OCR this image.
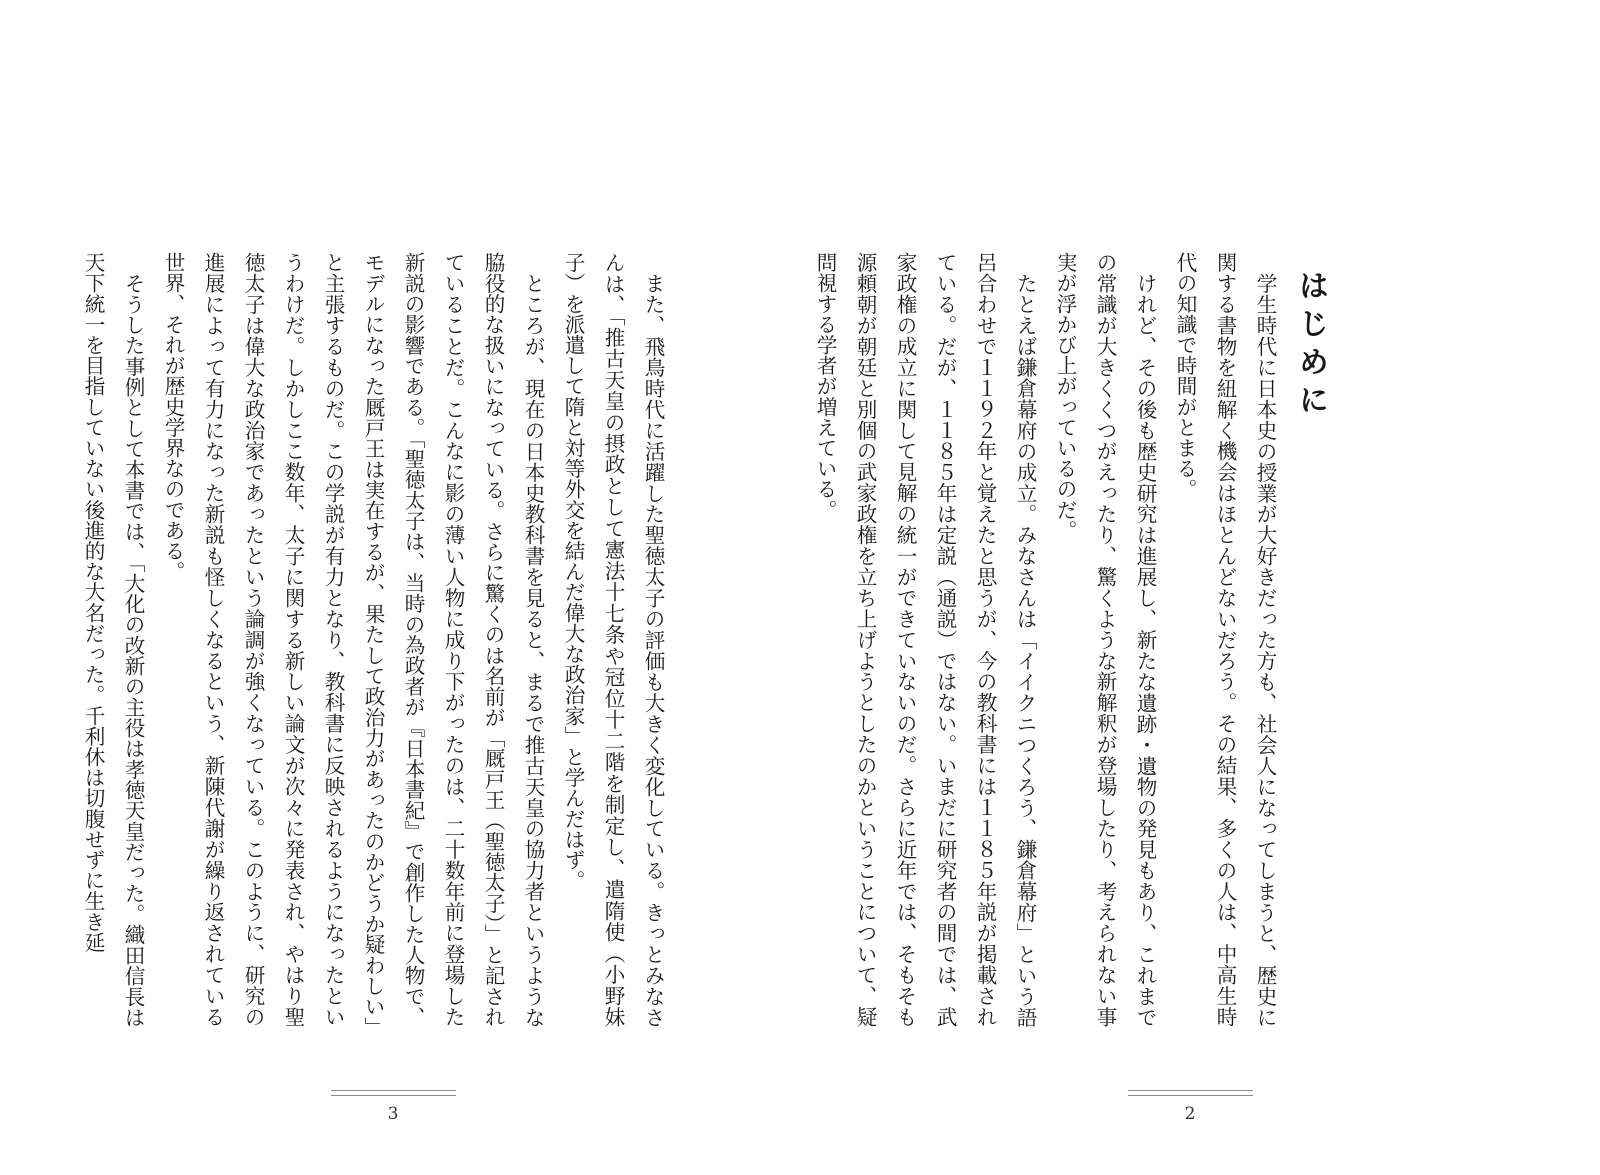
また、飛鳥時代に活躍した聖徳太子の評価も大きく変化している。きっとみなさんは、「推古天皇の摂政として憲法十七条や冠位十二階を制定し、遣隋使（小野妹子）を派遣して隋と対等外交を結んだ偉大な政治家」と学んだはず。

ところが、現在の日本史教科書を見ると、まるで推古天皇の協力者というような脇役的な扱いになっている。さらに驚くのは名前が「厩戸王（聖徳太子）」と記されていることだ。こんなに影の薄い人物に成り下がったのは、二十数年前に登場した新説の影響である。「聖徳太子は、当時の為政者が『日本書紀』で創作した人物で、モデルになった厩戸王は実在するが、果たして政治力があったのかどうか疑わしい」と主張するものだ。この学説が有力となり、教科書に反映されるようになったというわけだ。しかしここ数年、太子に関する新しい論文が次々に発表され、やはり聖徳太子は偉大な政治家であったという論調が強くなっている。このように、研究の進展によって有力になった新説も怪しくなるという、新陳代謝が繰り返されている世界、それが歴史学界なのである。

そうした事例として本書では、「大化の改新の主役は孝徳天皇だった。織田信長は天下統一を目指していない後進的な大名だった。千利休は切腹せずに生き延

3
はじめに

学生時代に日本史の授業が大好きだった方も、社会人になってしまうと、歴史に関する書物を紐解く機会はほとんどないだろう。その結果、多くの人は、中高生時代の知識で時間がとまる。

けれど、その後も歴史研究は進展し、新たな遺跡・遺物の発見もあり、これまでの常識が大きくくつがえったり、驚くような新解釈が登場したり、考えられない事実が浮かび上がっているのだ。

たとえば鎌倉幕府の成立。みなさんは「イイクニつくろう、鎌倉幕府」という語呂合わせで１１９２年と覚えたと思うが、今の教科書には１１８５年説が掲載されている。だが、１１８５年は定説（通説）ではない。いまだに研究者の間では、武家政権の成立に関して見解の統一ができていないのだ。さらに近年では、そもそも源頼朝が朝廷と別個の武家政権を立ち上げようとしたのかということについて、疑問視する学者が増えている。

2
